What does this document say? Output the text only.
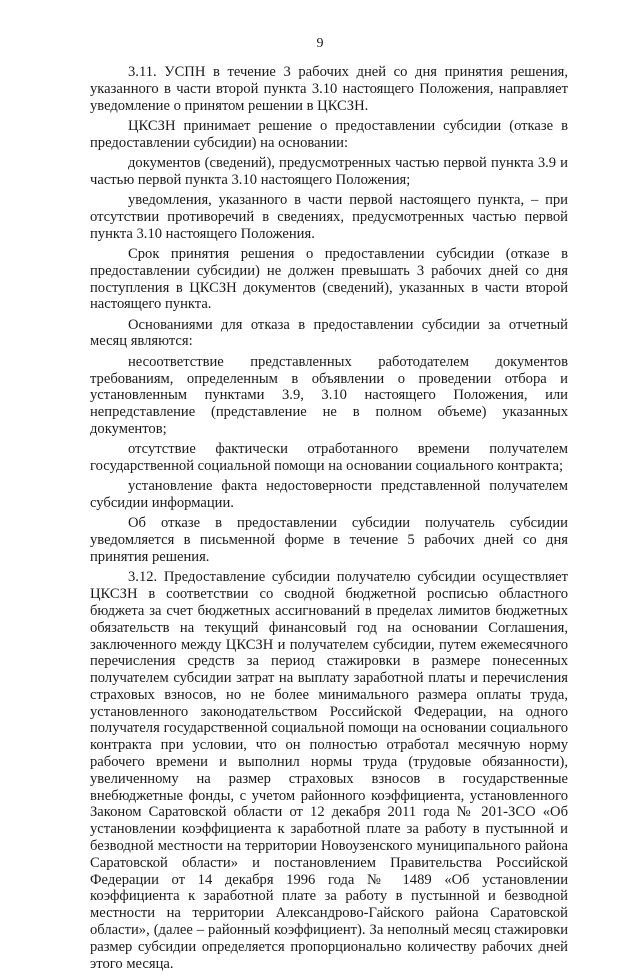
9

3.11. УСПН в течение 3 рабочих дней со дня принятия решения, указанного в части второй пункта 3.10 настоящего Положения, направляет уведомление о принятом решении в ЦКСЗН.

ЦКСЗН принимает решение о предоставлении субсидии (отказе в предоставлении субсидии) на основании:

документов (сведений), предусмотренных частью первой пункта 3.9 и частью первой пункта 3.10 настоящего Положения;

уведомления, указанного в части первой настоящего пункта, – при отсутствии противоречий в сведениях, предусмотренных частью первой пункта 3.10 настоящего Положения.

Срок принятия решения о предоставлении субсидии (отказе в предоставлении субсидии) не должен превышать 3 рабочих дней со дня поступления в ЦКСЗН документов (сведений), указанных в части второй настоящего пункта.

Основаниями для отказа в предоставлении субсидии за отчетный месяц являются:

несоответствие представленных работодателем документов требованиям, определенным в объявлении о проведении отбора и установленным пунктами 3.9, 3.10 настоящего Положения, или непредставление (представление не в полном объеме) указанных документов;

отсутствие фактически отработанного времени получателем государственной социальной помощи на основании социального контракта;

установление факта недостоверности представленной получателем субсидии информации.

Об отказе в предоставлении субсидии получатель субсидии уведомляется в письменной форме в течение 5 рабочих дней со дня принятия решения.

3.12. Предоставление субсидии получателю субсидии осуществляет ЦКСЗН в соответствии со сводной бюджетной росписью областного бюджета за счет бюджетных ассигнований в пределах лимитов бюджетных обязательств на текущий финансовый год на основании Соглашения, заключенного между ЦКСЗН и получателем субсидии, путем ежемесячного перечисления средств за период стажировки в размере понесенных получателем субсидии затрат на выплату заработной платы и перечисления страховых взносов, но не более минимального размера оплаты труда, установленного законодательством Российской Федерации, на одного получателя государственной социальной помощи на основании социального контракта при условии, что он полностью отработал месячную норму рабочего времени и выполнил нормы труда (трудовые обязанности), увеличенному на размер страховых взносов в государственные внебюджетные фонды, с учетом районного коэффициента, установленного Законом Саратовской области от 12 декабря 2011 года № 201-ЗСО «Об установлении коэффициента к заработной плате за работу в пустынной и безводной местности на территории Новоузенского муниципального района Саратовской области» и постановлением Правительства Российской Федерации от 14 декабря 1996 года № 1489 «Об установлении коэффициента к заработной плате за работу в пустынной и безводной местности на территории Александрово-Гайского района Саратовской области», (далее – районный коэффициент). За неполный месяц стажировки размер субсидии определяется пропорционально количеству рабочих дней этого месяца.
